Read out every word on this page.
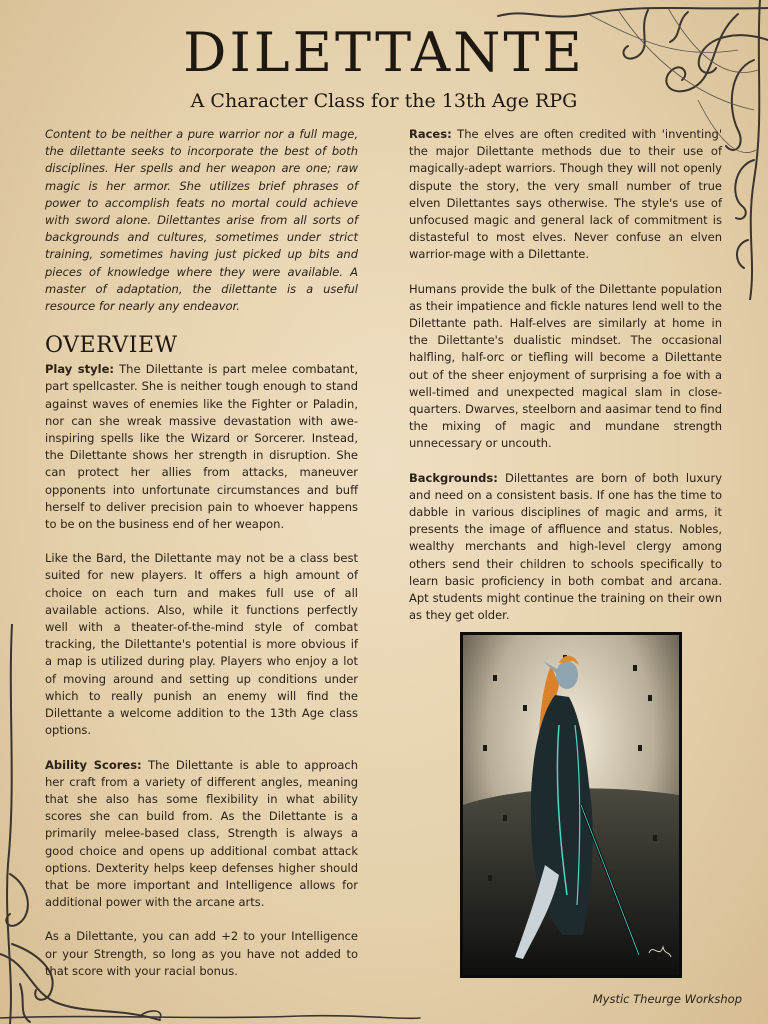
DILETTANTE
A Character Class for the 13th Age RPG

Content to be neither a pure warrior nor a full mage, the dilettante seeks to incorporate the best of both disciplines. Her spells and her weapon are one; raw magic is her armor. She utilizes brief phrases of power to accomplish feats no mortal could achieve with sword alone. Dilettantes arise from all sorts of backgrounds and cultures, sometimes under strict training, sometimes having just picked up bits and pieces of knowledge where they were available. A master of adaptation, the dilettante is a useful resource for nearly any endeavor.

OVERVIEW

Play style: The Dilettante is part melee combatant, part spellcaster. She is neither tough enough to stand against waves of enemies like the Fighter or Paladin, nor can she wreak massive devastation with awe-inspiring spells like the Wizard or Sorcerer. Instead, the Dilettante shows her strength in disruption. She can protect her allies from attacks, maneuver opponents into unfortunate circumstances and buff herself to deliver precision pain to whoever happens to be on the business end of her weapon.

Like the Bard, the Dilettante may not be a class best suited for new players. It offers a high amount of choice on each turn and makes full use of all available actions. Also, while it functions perfectly well with a theater-of-the-mind style of combat tracking, the Dilettante's potential is more obvious if a map is utilized during play. Players who enjoy a lot of moving around and setting up conditions under which to really punish an enemy will find the Dilettante a welcome addition to the 13th Age class options.

Ability Scores: The Dilettante is able to approach her craft from a variety of different angles, meaning that she also has some flexibility in what ability scores she can build from. As the Dilettante is a primarily melee-based class, Strength is always a good choice and opens up additional combat attack options. Dexterity helps keep defenses higher should that be more important and Intelligence allows for additional power with the arcane arts.

As a Dilettante, you can add +2 to your Intelligence or your Strength, so long as you have not added to that score with your racial bonus.

Races: The elves are often credited with 'inventing' the major Dilettante methods due to their use of magically-adept warriors. Though they will not openly dispute the story, the very small number of true elven Dilettantes says otherwise. The style's use of unfocused magic and general lack of commitment is distasteful to most elves. Never confuse an elven warrior-mage with a Dilettante.

Humans provide the bulk of the Dilettante population as their impatience and fickle natures lend well to the Dilettante path. Half-elves are similarly at home in the Dilettante's dualistic mindset. The occasional halfling, half-orc or tiefling will become a Dilettante out of the sheer enjoyment of surprising a foe with a well-timed and unexpected magical slam in close-quarters. Dwarves, steelborn and aasimar tend to find the mixing of magic and mundane strength unnecessary or uncouth.

Backgrounds: Dilettantes are born of both luxury and need on a consistent basis. If one has the time to dabble in various disciplines of magic and arms, it presents the image of affluence and status. Nobles, wealthy merchants and high-level clergy among others send their children to schools specifically to learn basic proficiency in both combat and arcana. Apt students might continue the training on their own as they get older.

Mystic Theurge Workshop
